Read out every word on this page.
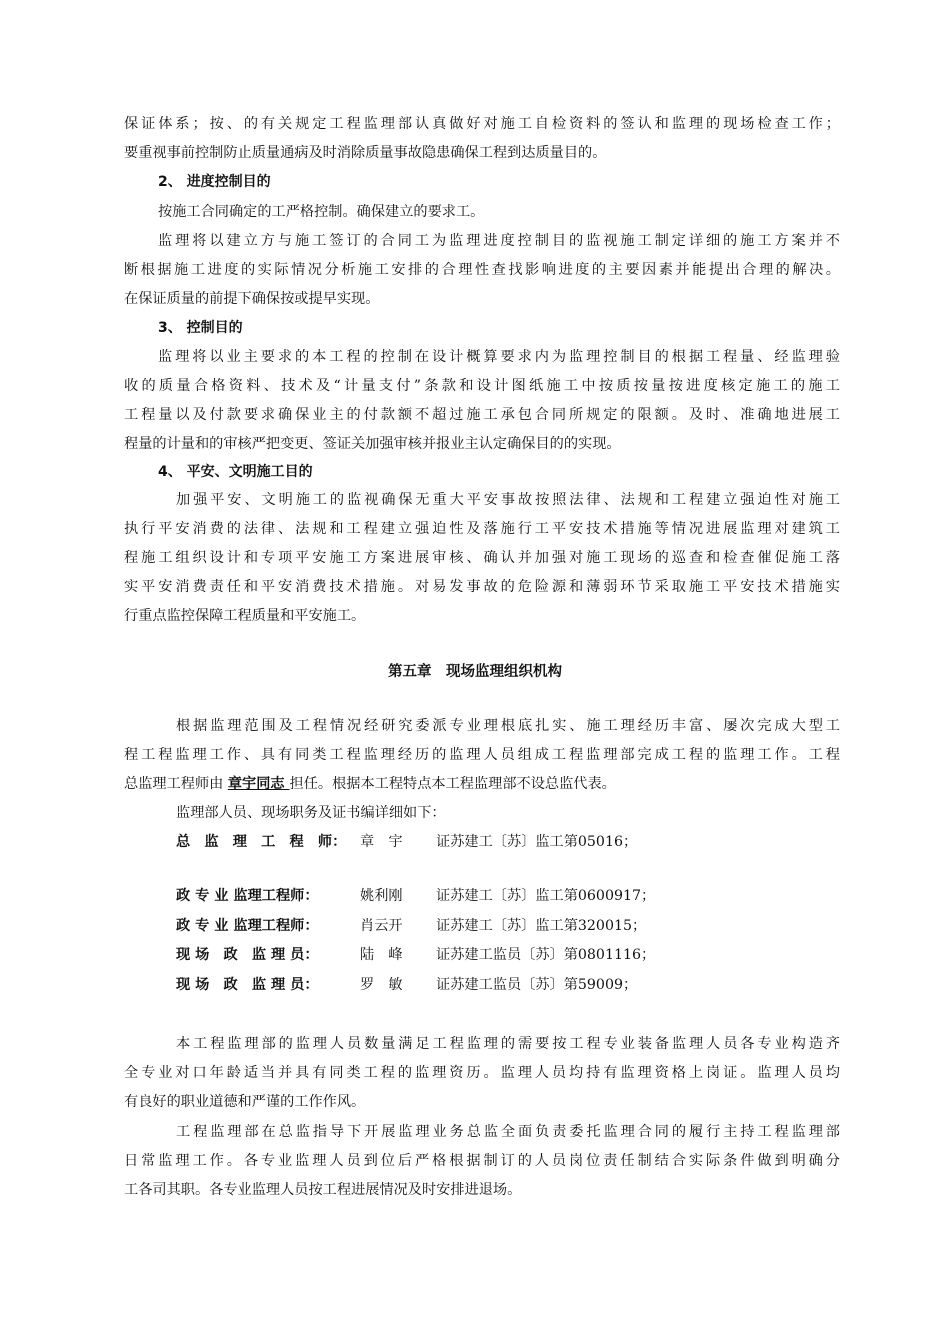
保证体系；按、的有关规定工程监理部认真做好对施工自检资料的签认和监理的现场检查工作；
要重视事前控制防止质量通病及时消除质量事故隐患确保工程到达质量目的。
2、 进度控制目的
按施工合同确定的工严格控制。确保建立的要求工。
监理将以建立方与施工签订的合同工为监理进度控制目的监视施工制定详细的施工方案并不
断根据施工进度的实际情况分析施工安排的合理性查找影响进度的主要因素并能提出合理的解决。
在保证质量的前提下确保按或提早实现。
3、 控制目的
监理将以业主要求的本工程的控制在设计概算要求内为监理控制目的根据工程量、经监理验
收的质量合格资料、技术及“计量支付”条款和设计图纸施工中按质按量按进度核定施工的施工
工程量以及付款要求确保业主的付款额不超过施工承包合同所规定的限额。及时、准确地进展工
程量的计量和的审核严把变更、签证关加强审核并报业主认定确保目的的实现。
4、 平安、文明施工目的
加强平安、文明施工的监视确保无重大平安事故按照法律、法规和工程建立强迫性对施工
执行平安消费的法律、法规和工程建立强迫性及落施行工平安技术措施等情况进展监理对建筑工
程施工组织设计和专项平安施工方案进展审核、确认并加强对施工现场的巡查和检查催促施工落
实平安消费责任和平安消费技术措施。对易发事故的危险源和薄弱环节采取施工平安技术措施实
行重点监控保障工程质量和平安施工。
第五章　现场监理组织机构
根据监理范围及工程情况经研究委派专业理根底扎实、施工理经历丰富、屡次完成大型工
程工程监理工作、具有同类工程监理经历的监理人员组成工程监理部完成工程的监理工作。工程
总监理工程师由 章宇同志 担任。根据本工程特点本工程监理部不设总监代表。
监理部人员、现场职务及证书编详细如下：
总　监　理　工　程　师： 章　宇 证苏建工〔苏〕监工第05016；
政 专 业 监理工程师：	姚利刚 证苏建工〔苏〕监工第0600917；
政 专 业 监理工程师：	肖云开 证苏建工〔苏〕监工第320015；
现 场　政　监 理 员：	陆　峰 证苏建工监员〔苏〕第0801116；
现 场　政　监 理 员：	罗　敏 证苏建工监员〔苏〕第59009；
本工程监理部的监理人员数量满足工程监理的需要按工程专业装备监理人员各专业构造齐
全专业对口年龄适当并具有同类工程的监理资历。监理人员均持有监理资格上岗证。监理人员均
有良好的职业道德和严谨的工作作风。
工程监理部在总监指导下开展监理业务总监全面负责委托监理合同的履行主持工程监理部
日常监理工作。各专业监理人员到位后严格根据制订的人员岗位责任制结合实际条件做到明确分
工各司其职。各专业监理人员按工程进展情况及时安排进退场。
